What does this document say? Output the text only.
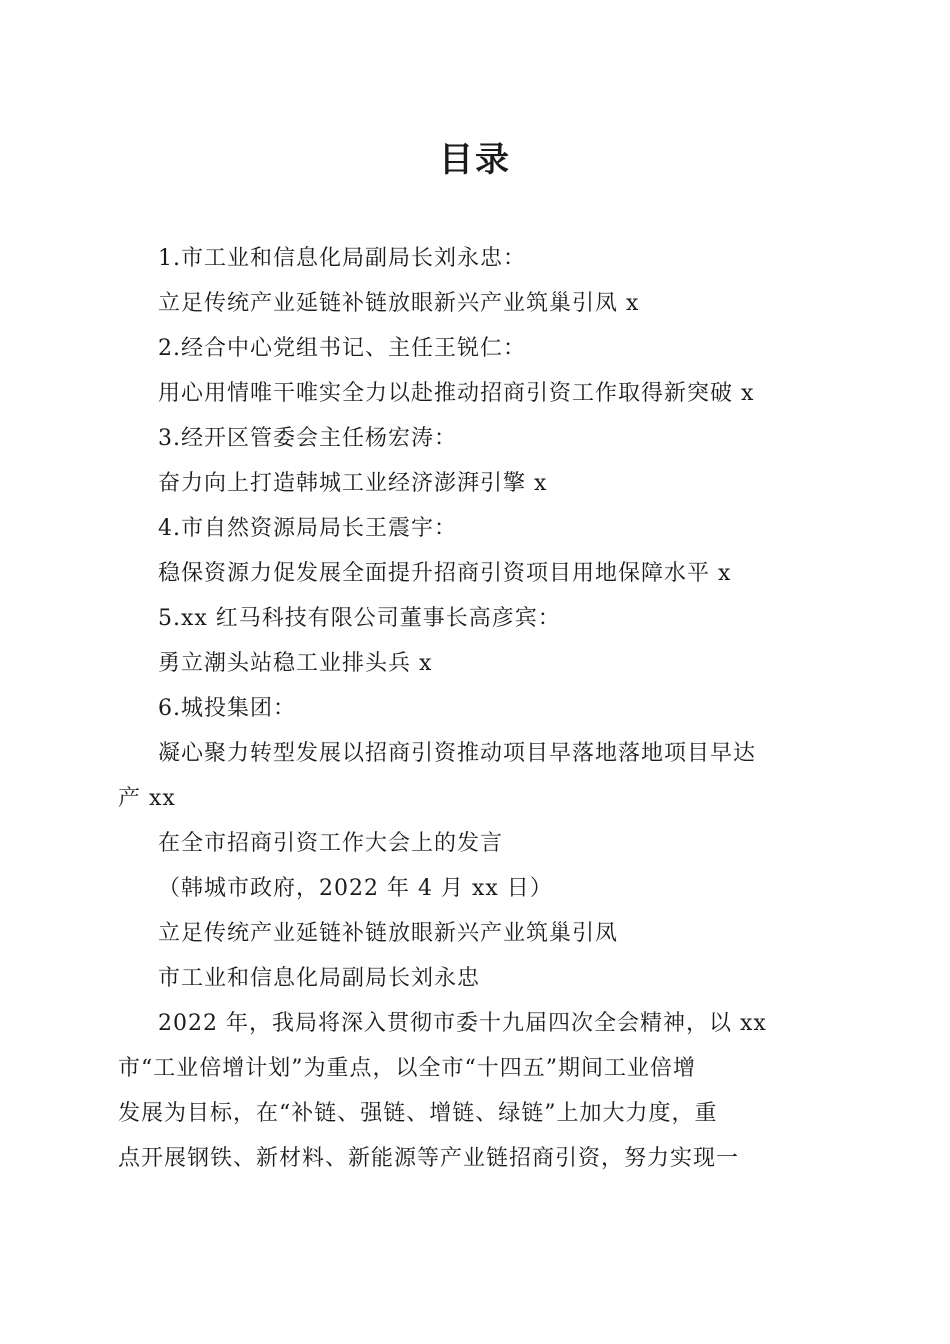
目录
1.市工业和信息化局副局长刘永忠：
立足传统产业延链补链放眼新兴产业筑巢引凤 x
2.经合中心党组书记、主任王锐仁：
用心用情唯干唯实全力以赴推动招商引资工作取得新突破 x
3.经开区管委会主任杨宏涛：
奋力向上打造韩城工业经济澎湃引擎 x
4.市自然资源局局长王震宇：
稳保资源力促发展全面提升招商引资项目用地保障水平 x
5.xx 红马科技有限公司董事长高彦宾：
勇立潮头站稳工业排头兵 x
6.城投集团：
凝心聚力转型发展以招商引资推动项目早落地落地项目早达
产 xx
在全市招商引资工作大会上的发言
（韩城市政府，2022 年 4 月 xx 日）
立足传统产业延链补链放眼新兴产业筑巢引凤
市工业和信息化局副局长刘永忠
2022 年，我局将深入贯彻市委十九届四次全会精神，以 xx
市“工业倍增计划”为重点，以全市“十四五”期间工业倍增
发展为目标，在“补链、强链、增链、绿链”上加大力度，重
点开展钢铁、新材料、新能源等产业链招商引资，努力实现一
